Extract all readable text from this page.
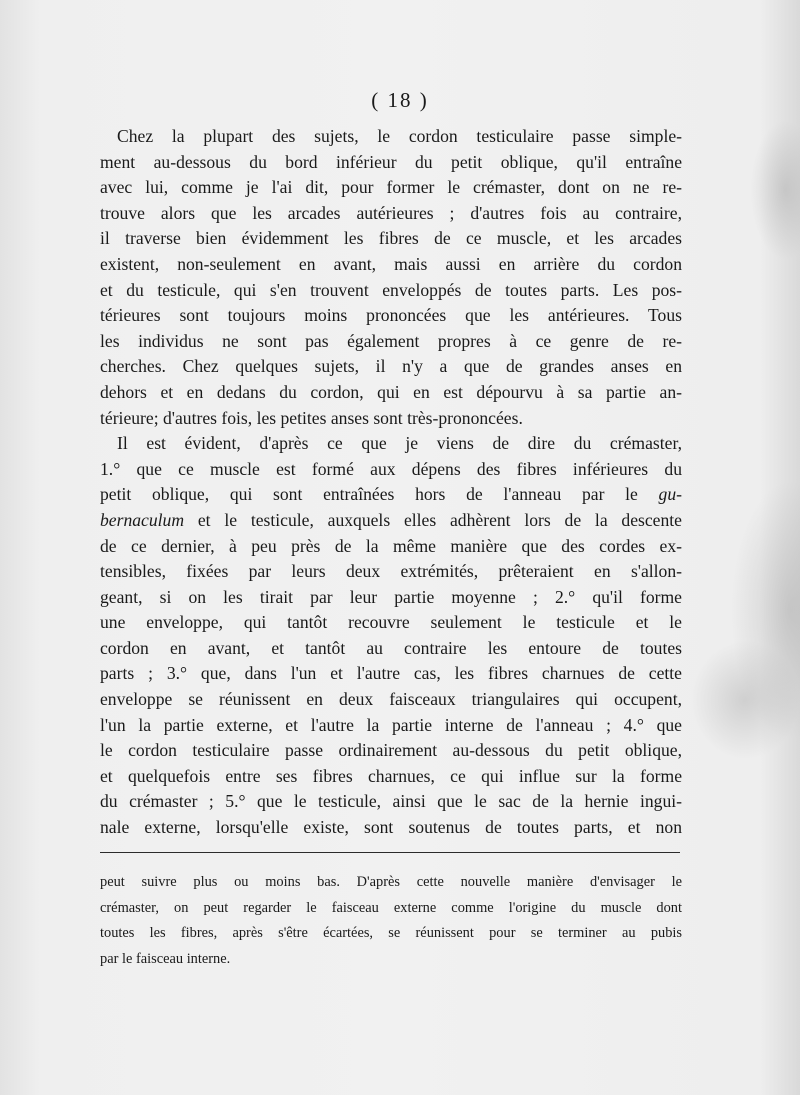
( 18 )
Chez la plupart des sujets, le cordon testiculaire passe simple-
ment au-dessous du bord inférieur du petit oblique, qu'il entraîne
avec lui, comme je l'ai dit, pour former le crémaster, dont on ne re-
trouve alors que les arcades autérieures ; d'autres fois au contraire,
il traverse bien évidemment les fibres de ce muscle, et les arcades
existent, non-seulement en avant, mais aussi en arrière du cordon
et du testicule, qui s'en trouvent enveloppés de toutes parts. Les pos-
térieures sont toujours moins prononcées que les antérieures. Tous
les individus ne sont pas également propres à ce genre de re-
cherches. Chez quelques sujets, il n'y a que de grandes anses en
dehors et en dedans du cordon, qui en est dépourvu à sa partie an-
térieure; d'autres fois, les petites anses sont très-prononcées.
Il est évident, d'après ce que je viens de dire du crémaster,
1.° que ce muscle est formé aux dépens des fibres inférieures du
petit oblique, qui sont entraînées hors de l'anneau par le gu-
bernaculum et le testicule, auxquels elles adhèrent lors de la descente
de ce dernier, à peu près de la même manière que des cordes ex-
tensibles, fixées par leurs deux extrémités, prêteraient en s'allon-
geant, si on les tirait par leur partie moyenne ; 2.° qu'il forme
une enveloppe, qui tantôt recouvre seulement le testicule et le
cordon en avant, et tantôt au contraire les entoure de toutes
parts ; 3.° que, dans l'un et l'autre cas, les fibres charnues de cette
enveloppe se réunissent en deux faisceaux triangulaires qui occupent,
l'un la partie externe, et l'autre la partie interne de l'anneau ; 4.° que
le cordon testiculaire passe ordinairement au-dessous du petit oblique,
et quelquefois entre ses fibres charnues, ce qui influe sur la forme
du crémaster ; 5.° que le testicule, ainsi que le sac de la hernie ingui-
nale externe, lorsqu'elle existe, sont soutenus de toutes parts, et non
peut suivre plus ou moins bas. D'après cette nouvelle manière d'envisager le
crémaster, on peut regarder le faisceau externe comme l'origine du muscle dont
toutes les fibres, après s'être écartées, se réunissent pour se terminer au pubis
par le faisceau interne.
